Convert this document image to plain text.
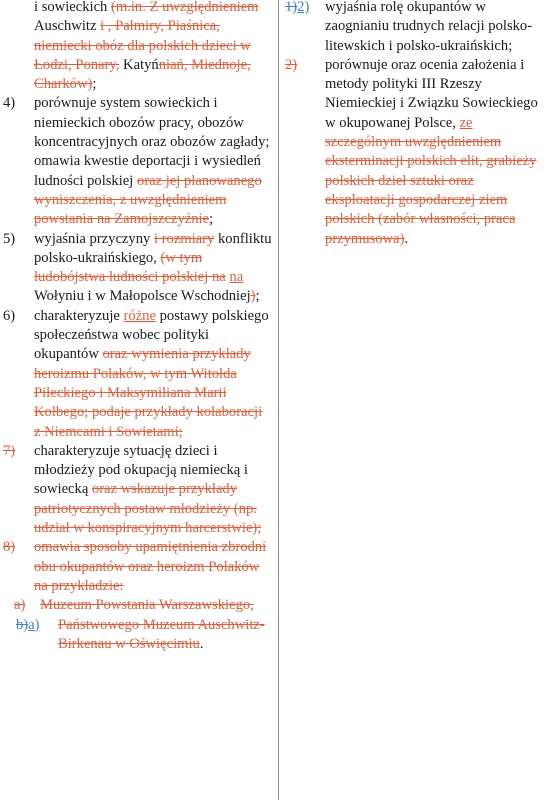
i sowieckich (m.in. Z uwzględnieniem Auschwitz i , Palmiry, Piaśnica, niemiecki obóz dla polskich dzieci w Łodzi, Ponary, Katyńniań, Miednoje, Charków);

4) porównuje system sowieckich i niemieckich obozów pracy, obozów koncentracyjnych oraz obozów zagłady; omawia kwestie deportacji i wysiedleń ludności polskiej oraz jej planowanego wyniszczenia, z uwzględnieniem powstania na Zamojszczyźnie;

5) wyjaśnia przyczyny i rozmiary konfliktu polsko-ukraińskiego, (w tym ludobójstwa ludności polskiej na na Wołyniu i w Małopolsce Wschodniej);

6) charakteryzuje różne postawy polskiego społeczeństwa wobec polityki okupantów oraz wymienia przykłady heroizmu Polaków, w tym Witolda Pileckiego i Maksymiliana Marii Kolbego; podaje przykłady kolaboracji z Niemcami i Sowietami;

7) charakteryzuje sytuację dzieci i młodzieży pod okupacją niemiecką i sowiecką oraz wskazuje przykłady patriotycznych postaw młodzieży (np. udział w konspiracyjnym harcerstwie);

8) omawia sposoby upamiętnienia zbrodni obu okupantów oraz heroizm Polaków na przykładzie:

a) Muzeum Powstania Warszawskiego,

b)a) Państwowego Muzeum Auschwitz-Birkenau w Oświęcimiu.

1)2) wyjaśnia rolę okupantów w zaognianiu trudnych relacji polsko-litewskich i polsko-ukraińskich;

2) porównuje oraz ocenia założenia i metody polityki III Rzeszy Niemieckiej i Związku Sowieckiego w okupowanej Polsce, ze szczególnym uwzględnieniem eksterminacji polskich elit, grabieży polskich dzieł sztuki oraz eksploatacji gospodarczej ziem polskich (zabór własności, praca przymusowa).
